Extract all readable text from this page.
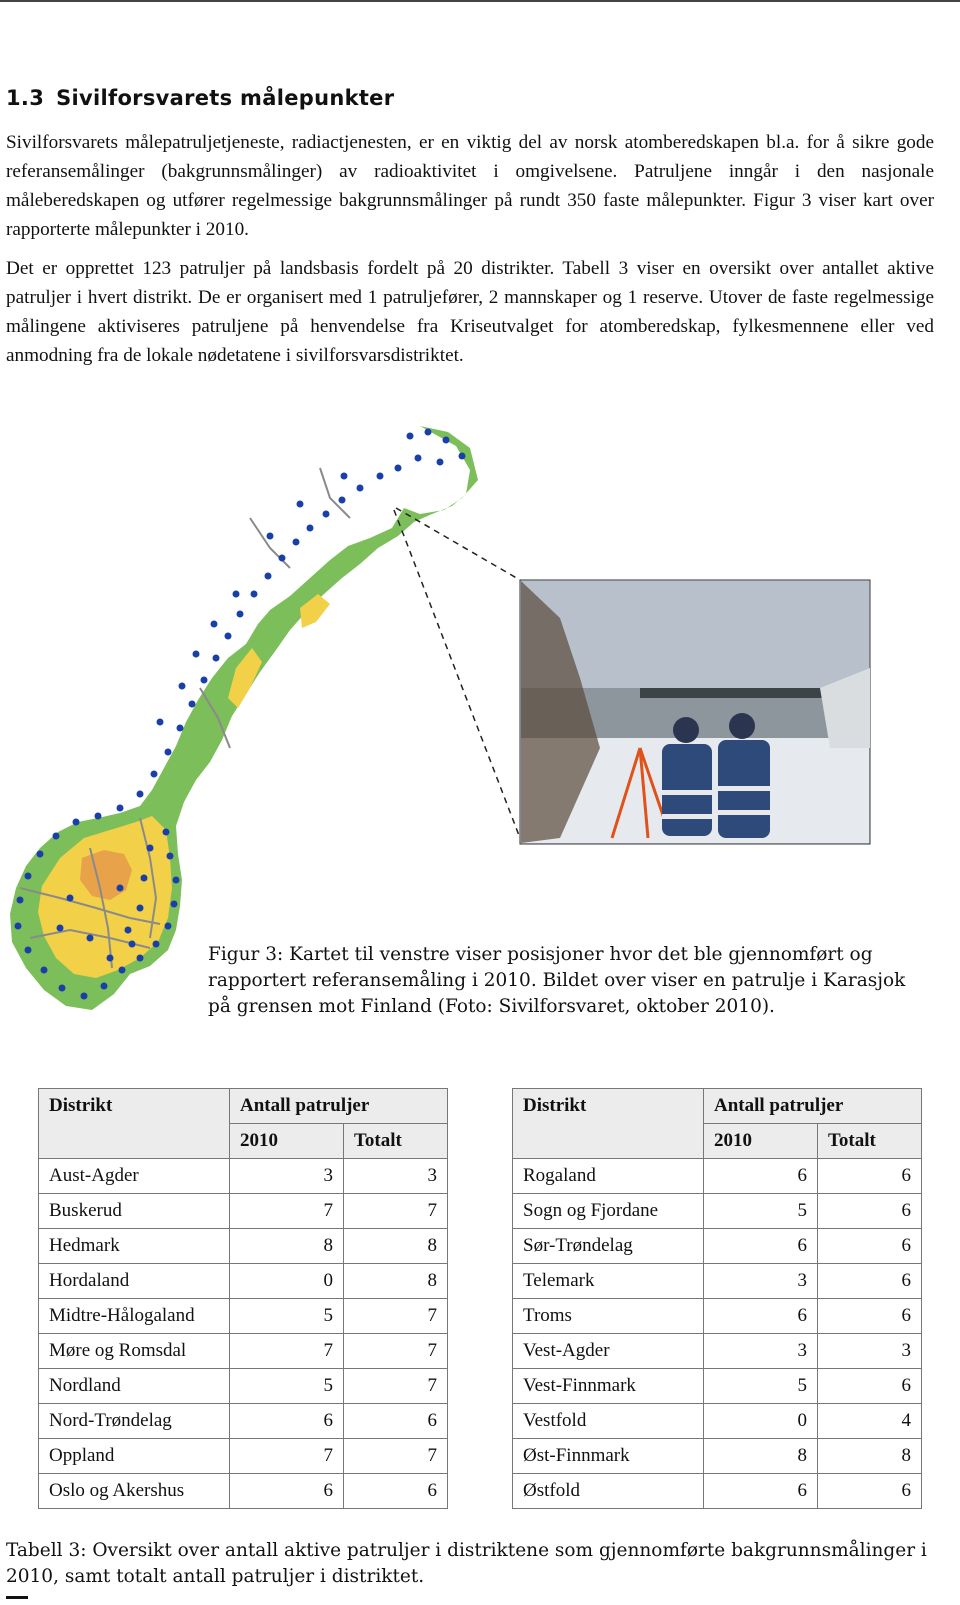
1.3 Sivilforsvarets målepunkter
Sivilforsvarets målepatruljetjeneste, radiactjenesten, er en viktig del av norsk atomberedskapen bl.a. for å sikre gode referansemålinger (bakgrunnsmålinger) av radioaktivitet i omgivelsene. Patruljene inngår i den nasjonale måleberedskapen og utfører regelmessige bakgrunnsmålinger på rundt 350 faste målepunkter. Figur 3 viser kart over rapporterte målepunkter i 2010.
Det er opprettet 123 patruljer på landsbasis fordelt på 20 distrikter. Tabell 3 viser en oversikt over antallet aktive patruljer i hvert distrikt. De er organisert med 1 patruljefører, 2 mannskaper og 1 reserve. Utover de faste regelmessige målingene aktiviseres patruljene på henvendelse fra Kriseutvalget for atomberedskap, fylkesmennene eller ved anmodning fra de lokale nødetatene i sivilforsvarsdistriktet.
Figur 3: Kartet til venstre viser posisjoner hvor det ble gjennomført og rapportert referansemåling i 2010. Bildet over viser en patrulje i Karasjok på grensen mot Finland (Foto: Sivilforsvaret, oktober 2010).
Distrikt	Antall patruljer	
	2010	Totalt
Aust-Agder	3	3
Buskerud	7	7
Hedmark	8	8
Hordaland	0	8
Midtre-Hålogaland	5	7
Møre og Romsdal	7	7
Nordland	5	7
Nord-Trøndelag	6	6
Oppland	7	7
Oslo og Akershus	6	6
Distrikt	Antall patruljer	
	2010	Totalt
Rogaland	6	6
Sogn og Fjordane	5	6
Sør-Trøndelag	6	6
Telemark	3	6
Troms	6	6
Vest-Agder	3	3
Vest-Finnmark	5	6
Vestfold	0	4
Øst-Finnmark	8	8
Østfold	6	6
Tabell 3: Oversikt over antall aktive patruljer i distriktene som gjennomførte bakgrunnsmålinger i 2010, samt totalt antall patruljer i distriktet.
